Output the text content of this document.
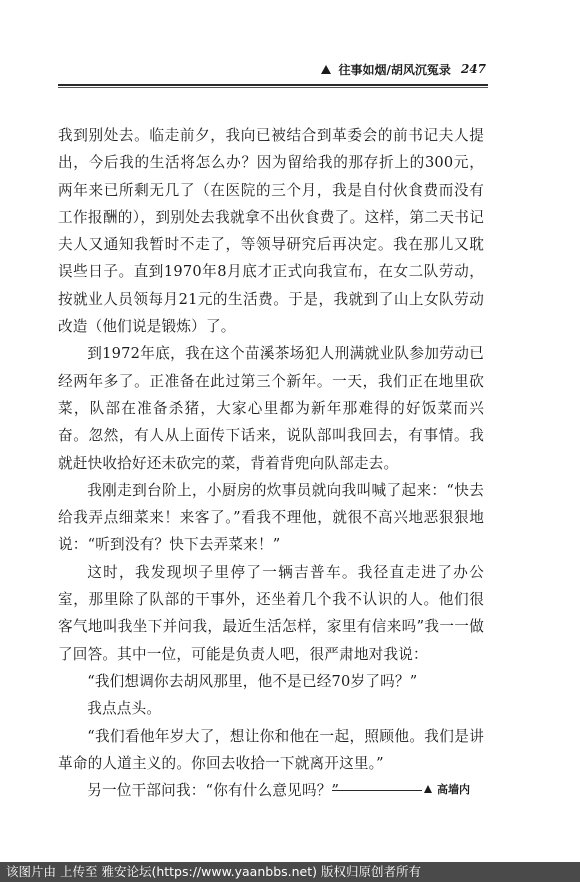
往事如烟/胡风沉冤录 247

我到别处去。临走前夕，我向已被结合到革委会的前书记夫人提出，今后我的生活将怎么办？因为留给我的那存折上的300元，两年来已所剩无几了（在医院的三个月，我是自付伙食费而没有工作报酬的），到别处去我就拿不出伙食费了。这样，第二天书记夫人又通知我暂时不走了，等领导研究后再决定。我在那儿又耽误些日子。直到1970年8月底才正式向我宣布，在女二队劳动，按就业人员领每月21元的生活费。于是，我就到了山上女队劳动改造（他们说是锻炼）了。

到1972年底，我在这个苗溪茶场犯人刑满就业队参加劳动已经两年多了。正准备在此过第三个新年。一天，我们正在地里砍菜，队部在准备杀猪，大家心里都为新年那难得的好饭菜而兴奋。忽然，有人从上面传下话来，说队部叫我回去，有事情。我就赶快收拾好还未砍完的菜，背着背兜向队部走去。

我刚走到台阶上，小厨房的炊事员就向我叫喊了起来：“快去给我弄点细菜来！来客了。”看我不理他，就很不高兴地恶狠狠地说：“听到没有？快下去弄菜来！”

这时，我发现坝子里停了一辆吉普车。我径直走进了办公室，那里除了队部的干事外，还坐着几个我不认识的人。他们很客气地叫我坐下并问我，最近生活怎样，家里有信来吗”我一一做了回答。其中一位，可能是负责人吧，很严肃地对我说：

“我们想调你去胡风那里，他不是已经70岁了吗？”

我点点头。

“我们看他年岁大了，想让你和他在一起，照顾他。我们是讲革命的人道主义的。你回去收拾一下就离开这里。”

另一位干部问我：“你有什么意见吗？”	高墙内
该图片由 上传至 雅安论坛(https://www.yaanbbs.net) 版权归原创者所有
